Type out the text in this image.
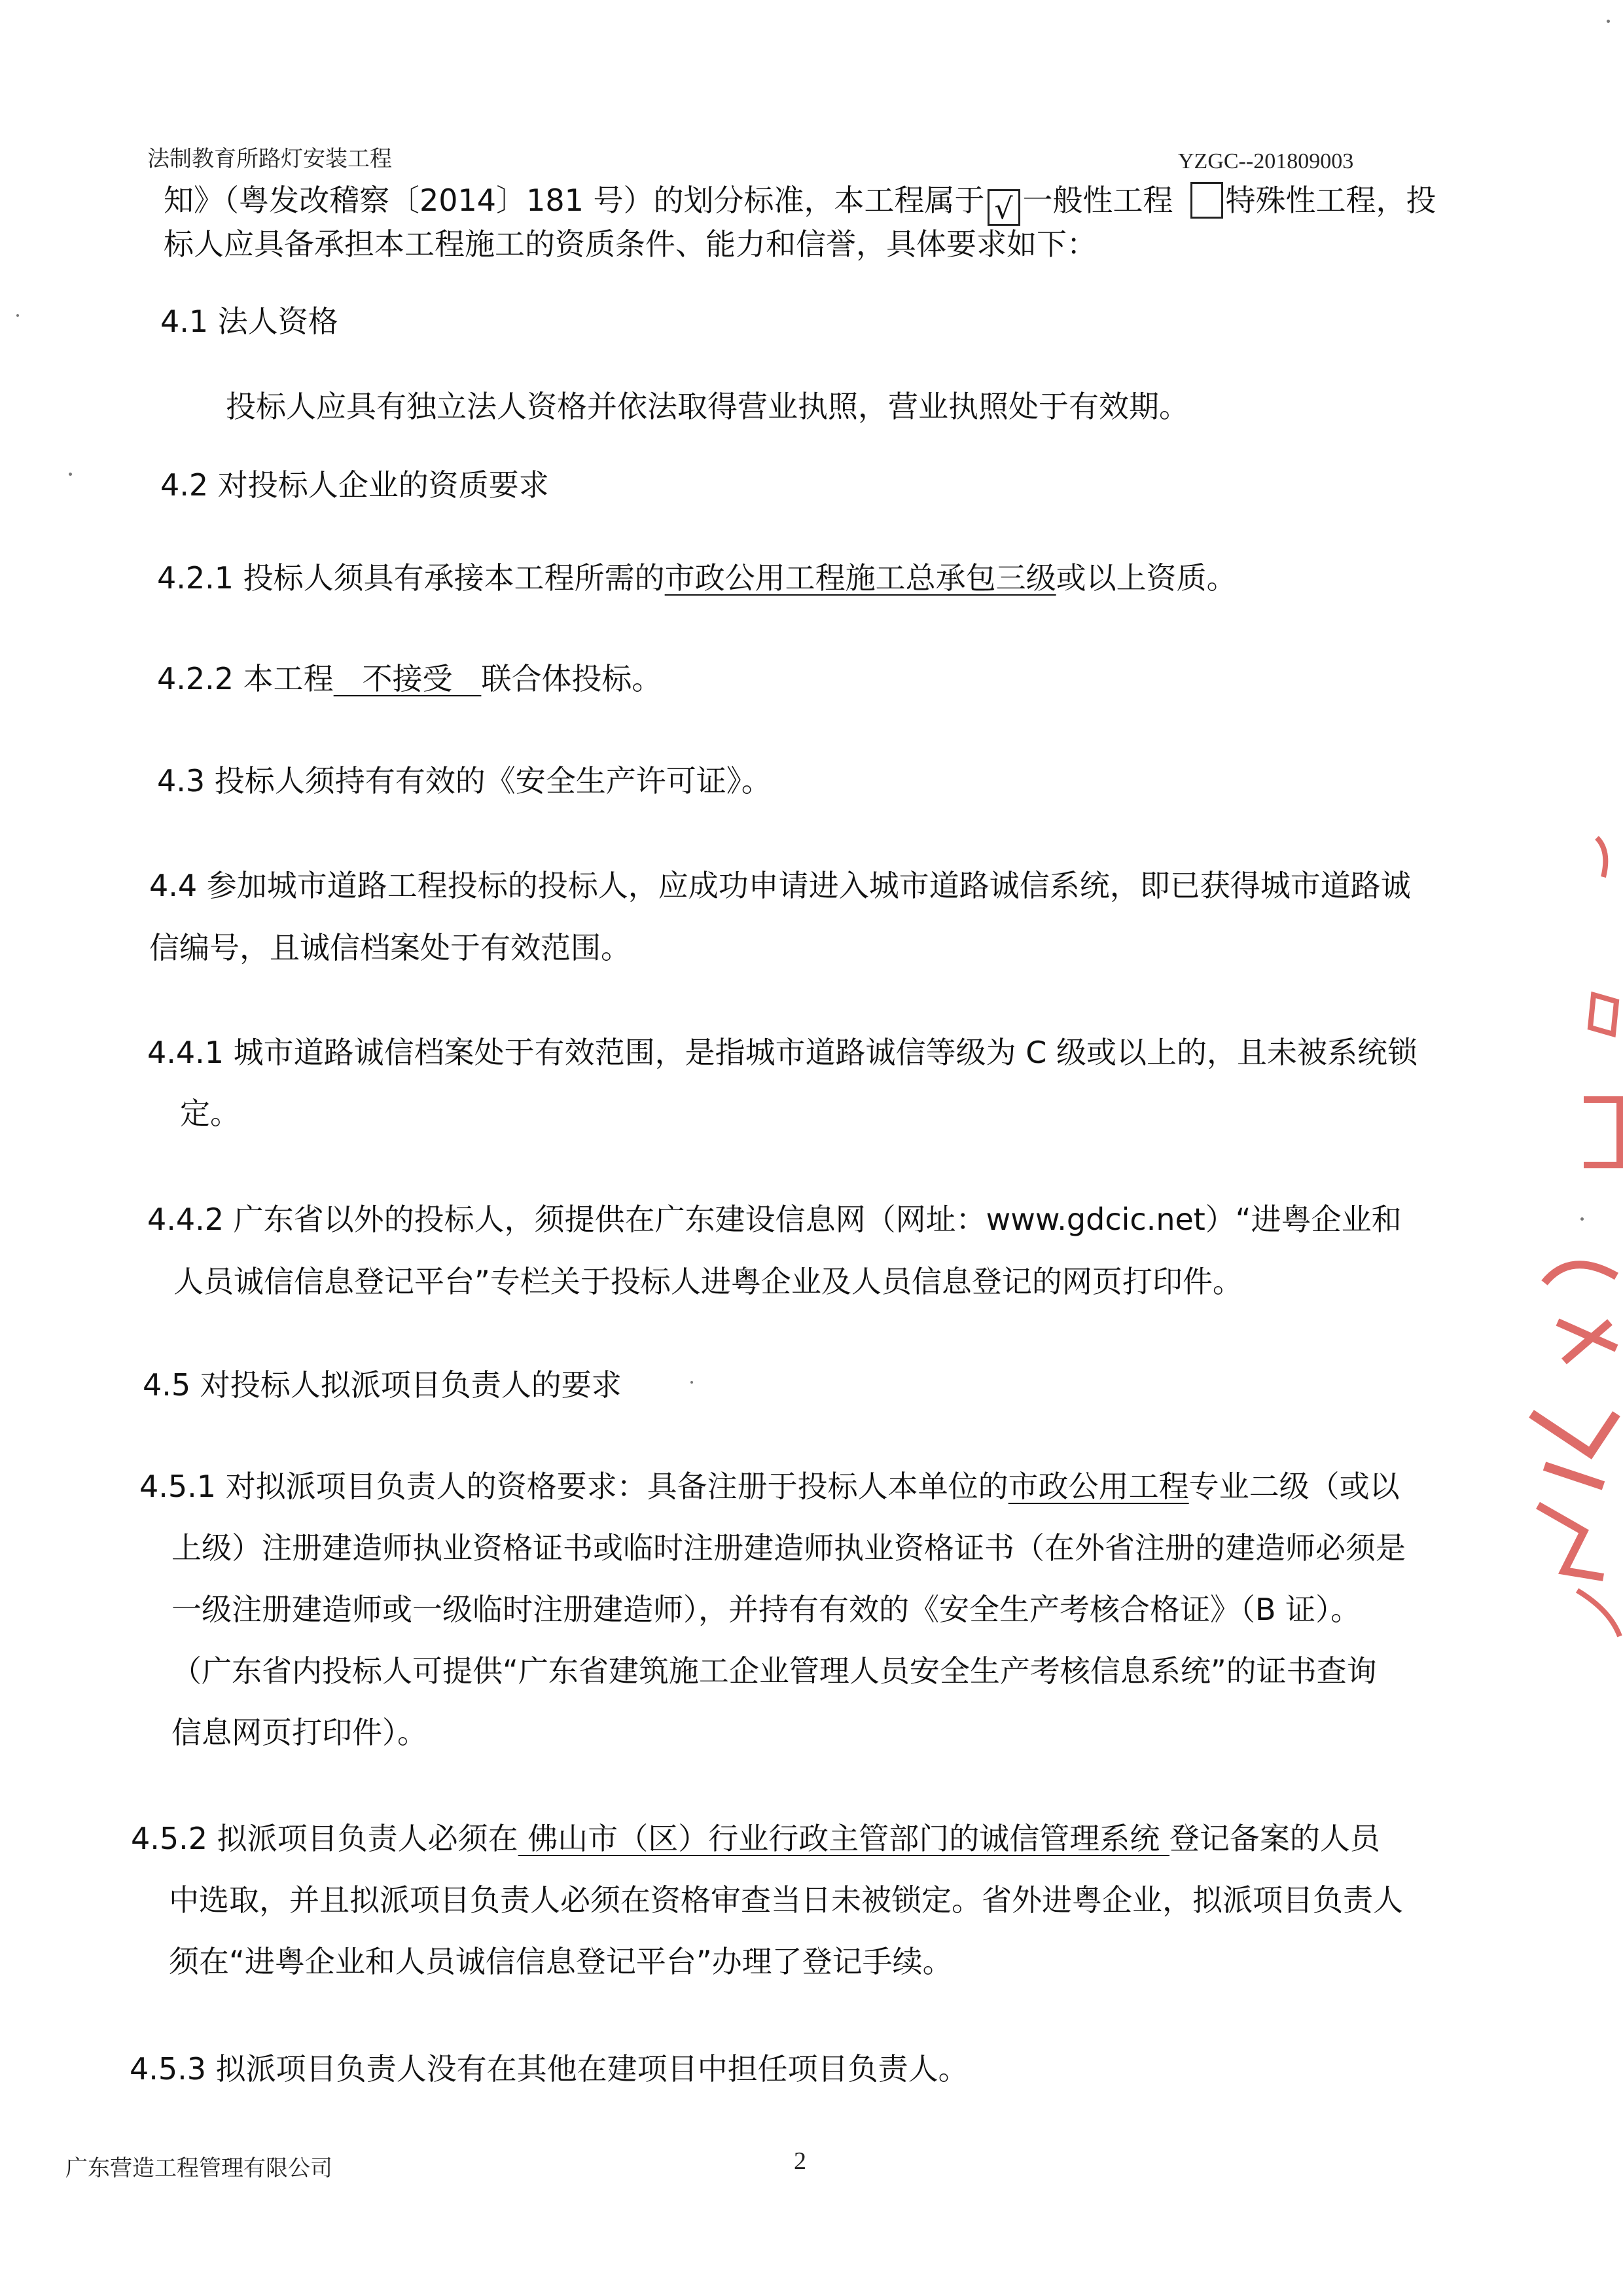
法制教育所路灯安装工程	YZGC--201809003
知》（粤发改稽察〔2014〕181 号）的划分标准，本工程属于 √ 一般性工程 特殊性工程，投
标人应具备承担本工程施工的资质条件、能力和信誉，具体要求如下：
4.1 法人资格
投标人应具有独立法人资格并依法取得营业执照，营业执照处于有效期。
4.2 对投标人企业的资质要求
4.2.1 投标人须具有承接本工程所需的市政公用工程施工总承包三级或以上资质。
4.2.2 本工程   不接受   联合体投标。
4.3 投标人须持有有效的《安全生产许可证》。
4.4 参加城市道路工程投标的投标人，应成功申请进入城市道路诚信系统，即已获得城市道路诚
信编号，且诚信档案处于有效范围。
4.4.1 城市道路诚信档案处于有效范围，是指城市道路诚信等级为 C 级或以上的，且未被系统锁
定。
4.4.2 广东省以外的投标人，须提供在广东建设信息网（网址：www.gdcic.net）“进粤企业和
人员诚信信息登记平台”专栏关于投标人进粤企业及人员信息登记的网页打印件。
4.5 对投标人拟派项目负责人的要求
4.5.1 对拟派项目负责人的资格要求：具备注册于投标人本单位的市政公用工程专业二级（或以
上级）注册建造师执业资格证书或临时注册建造师执业资格证书（在外省注册的建造师必须是
一级注册建造师或一级临时注册建造师），并持有有效的《安全生产考核合格证》（B 证）。
（广东省内投标人可提供“广东省建筑施工企业管理人员安全生产考核信息系统”的证书查询
信息网页打印件）。
4.5.2 拟派项目负责人必须在 佛山市（区）行业行政主管部门的诚信管理系统 登记备案的人员
中选取，并且拟派项目负责人必须在资格审查当日未被锁定。省外进粤企业，拟派项目负责人
须在“进粤企业和人员诚信信息登记平台”办理了登记手续。
4.5.3 拟派项目负责人没有在其他在建项目中担任项目负责人。
广东营造工程管理有限公司	2
